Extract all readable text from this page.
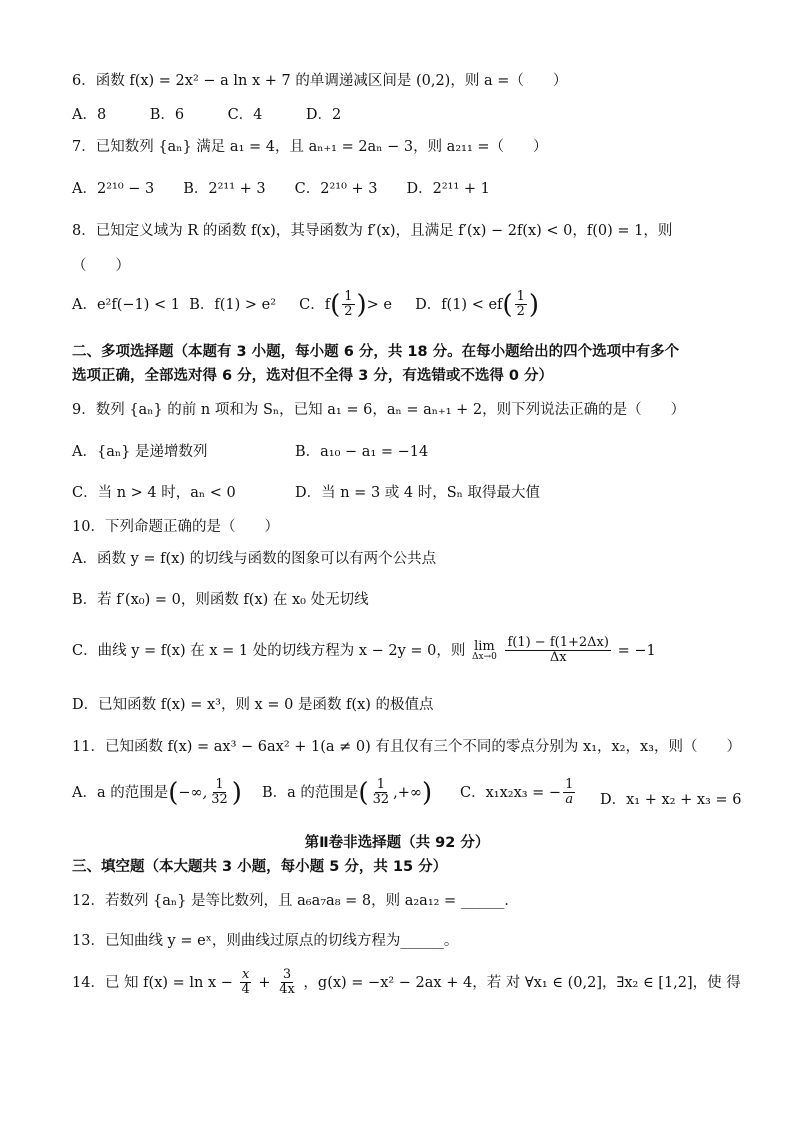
6．函数 f(x) = 2x² − a ln x + 7 的单调递减区间是 (0,2)，则 a =（　　）
A．8　　　B．6　　　C．4　　　D．2
7．已知数列 {aₙ} 满足 a₁ = 4，且 aₙ₊₁ = 2aₙ − 3，则 a₂₁₁ =（　　）
A．2²¹⁰ − 3　　B．2²¹¹ + 3　　C．2²¹⁰ + 3　　D．2²¹¹ + 1
8．已知定义域为 R 的函数 f(x)，其导函数为 f′(x)，且满足 f′(x) − 2f(x) < 0，f(0) = 1，则
（　　）
A．e²f(−1) < 1 B．f(1) > e² C．$f( \frac{1}{2}$ )> e D．$f(1) < ef( \frac{1}{2}$ )
二、多项选择题（本题有 3 小题，每小题 6 分，共 18 分。在每小题给出的四个选项中有多个
选项正确，全部选对得 6 分，选对但不全得 3 分，有选错或不选得 0 分）
9．数列 {aₙ} 的前 n 项和为 Sₙ，已知 a₁ = 6，aₙ = aₙ₊₁ + 2，则下列说法正确的是（　　）
A．{aₙ} 是递增数列	B．a₁₀ − a₁ = −14
C．当 n > 4 时，aₙ < 0	D．当 n = 3 或 4 时，Sₙ 取得最大值
10．下列命题正确的是（　　）
A．函数 y = f(x) 的切线与函数的图象可以有两个公共点
B．若 f′(x₀) = 0，则函数 f(x) 在 x₀ 处无切线
C．曲线 y = f(x) 在 x = 1 处的切线方程为 x − 2y = 0，则 lim
Δx→0
$\frac{f(1) - f(1+2\Delta x)}{\Delta x} = -1$
D．已知函数 f(x) = x³，则 x = 0 是函数 f(x) 的极值点
11．已知函数 f(x) = ax³ − 6ax² + 1(a ≠ 0) 有且仅有三个不同的零点分别为 x₁，x₂，x₃，则（　　）
A．a 的范围是(−∞, $\frac{1}{32}$ ) B．a 的范围是( $\frac{1}{32}$ ,+∞) C．x₁x₂x₃ = − $\frac{1}{a}$ D．x₁ + x₂ + x₃ = 6
第Ⅱ卷非选择题（共 92 分）
三、填空题（本大题共 3 小题，每小题 5 分，共 15 分）
12．若数列 {aₙ} 是等比数列，且 a₆a₇a₈ = 8，则 a₂a₁₂ = ______．
13．已知曲线 y = eˣ，则曲线过原点的切线方程为______。
14．已 知 $f(x) = \ln x - \frac{x}{4} + \frac{3}{4x}$ ，g(x) = −x² − 2ax + 4，若 对 ∀x₁ ∈ (0,2]，∃x₂ ∈ [1,2]，使 得
